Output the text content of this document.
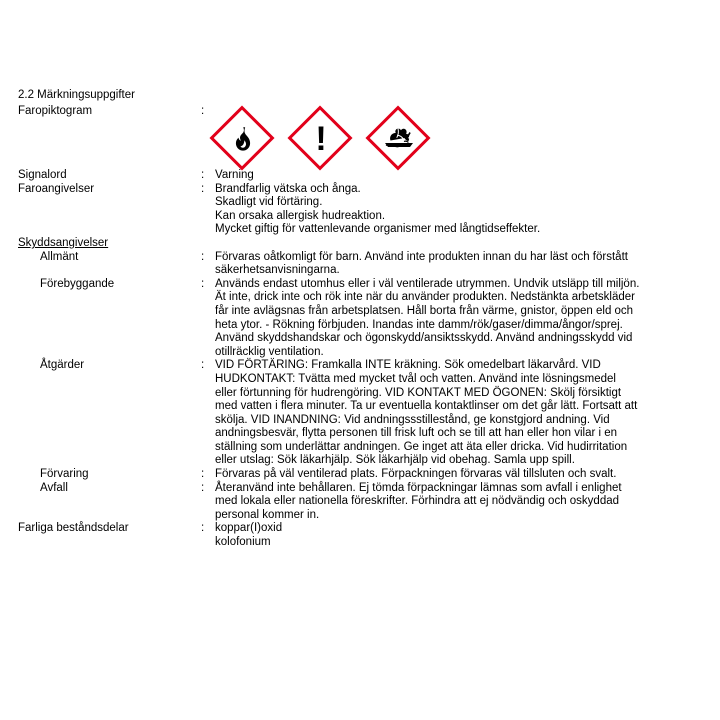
2.2 Märkningsuppgifter
Faropiktogram	:	!

Signalord	:	Varning

Faroangivelser	:	Brandfarlig vätska och ånga.

Skadligt vid förtäring.

Kan orsaka allergisk hudreaktion.

Mycket giftig för vattenlevande organismer med långtidseffekter.

Skyddsangivelser		
Allmänt	:	Förvaras oåtkomligt för barn. Använd inte produkten innan du har läst och förstått

säkerhetsanvisningarna.

Förebyggande	:	Används endast utomhus eller i väl ventilerade utrymmen. Undvik utsläpp till miljön.

Ät inte, drick inte och rök inte när du använder produkten. Nedstänkta arbetskläder

får inte avlägsnas från arbetsplatsen. Håll borta från värme, gnistor, öppen eld och

heta ytor. - Rökning förbjuden. Inandas inte damm/rök/gaser/dimma/ångor/sprej.

Använd skyddshandskar och ögonskydd/ansiktsskydd. Använd andningsskydd vid

otillräcklig ventilation.

Åtgärder	:	VID FÖRTÄRING: Framkalla INTE kräkning. Sök omedelbart läkarvård. VID

HUDKONTAKT: Tvätta med mycket tvål och vatten. Använd inte lösningsmedel

eller förtunning för hudrengöring. VID KONTAKT MED ÖGONEN: Skölj försiktigt

med vatten i flera minuter. Ta ur eventuella kontaktlinser om det går lätt. Fortsatt att

skölja. VID INANDNING: Vid andningssstillestånd, ge konstgjord andning. Vid

andningsbesvär, flytta personen till frisk luft och se till att han eller hon vilar i en

ställning som underlättar andningen. Ge inget att äta eller dricka. Vid hudirritation

eller utslag: Sök läkarhjälp. Sök läkarhjälp vid obehag. Samla upp spill.

Förvaring	:	Förvaras på väl ventilerad plats. Förpackningen förvaras väl tillsluten och svalt.

Avfall	:	Återanvänd inte behållaren. Ej tömda förpackningar lämnas som avfall i enlighet

med lokala eller nationella föreskrifter. Förhindra att ej nödvändig och oskyddad

personal kommer in.

Farliga beståndsdelar	:	koppar(I)oxid

kolofonium
